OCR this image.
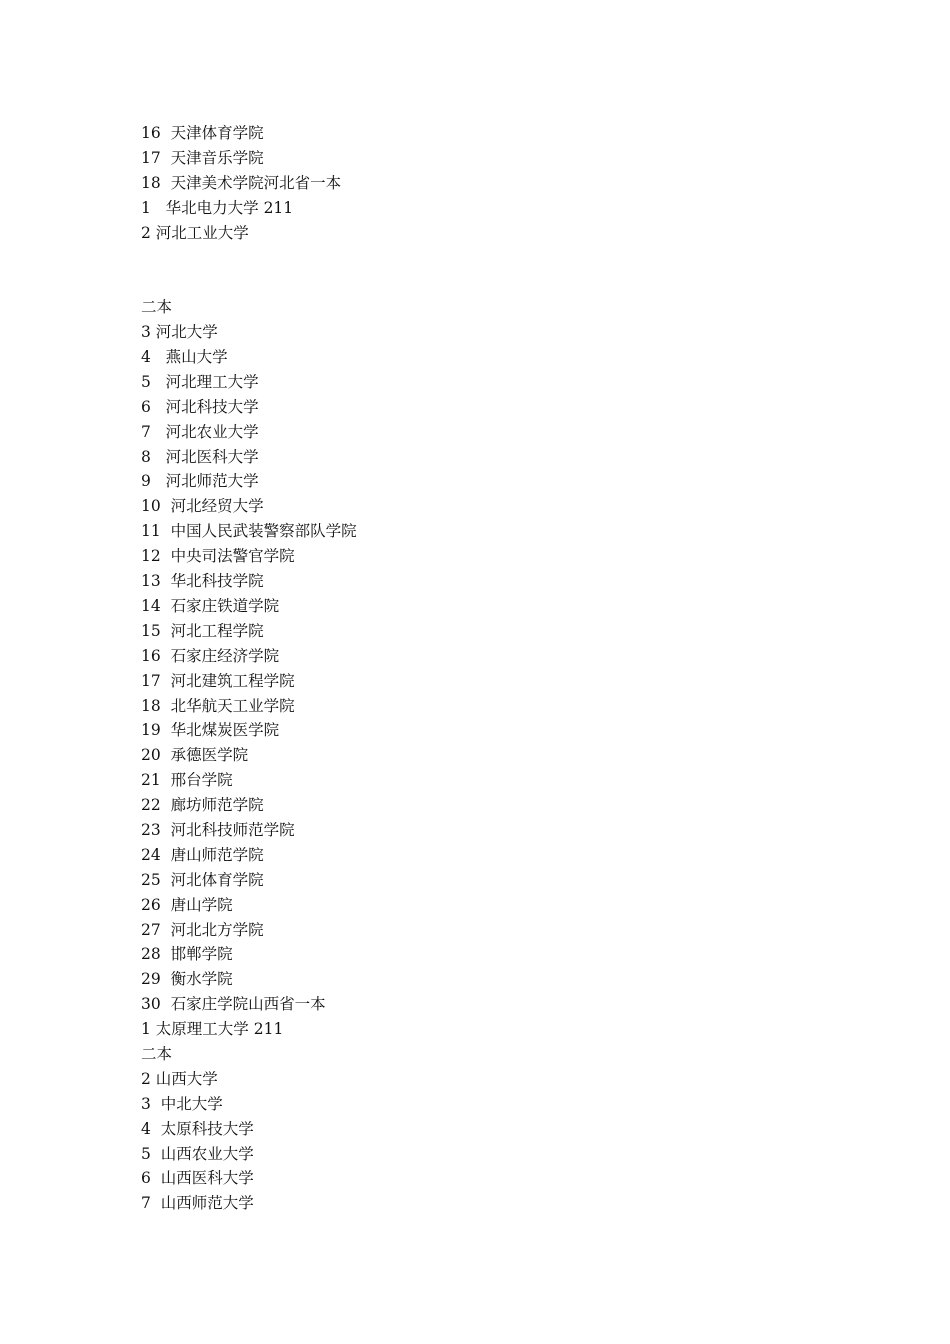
16  天津体育学院
17  天津音乐学院
18  天津美术学院河北省一本
1   华北电力大学 211
2 河北工业大学
二本
3 河北大学
4   燕山大学
5   河北理工大学
6   河北科技大学
7   河北农业大学
8   河北医科大学
9   河北师范大学
10  河北经贸大学
11  中国人民武装警察部队学院
12  中央司法警官学院
13  华北科技学院
14  石家庄铁道学院
15  河北工程学院
16  石家庄经济学院
17  河北建筑工程学院
18  北华航天工业学院
19  华北煤炭医学院
20  承德医学院
21  邢台学院
22  廊坊师范学院
23  河北科技师范学院
24  唐山师范学院
25  河北体育学院
26  唐山学院
27  河北北方学院
28  邯郸学院
29  衡水学院
30  石家庄学院山西省一本
1 太原理工大学 211
二本
2 山西大学
3  中北大学
4  太原科技大学
5  山西农业大学
6  山西医科大学
7  山西师范大学
